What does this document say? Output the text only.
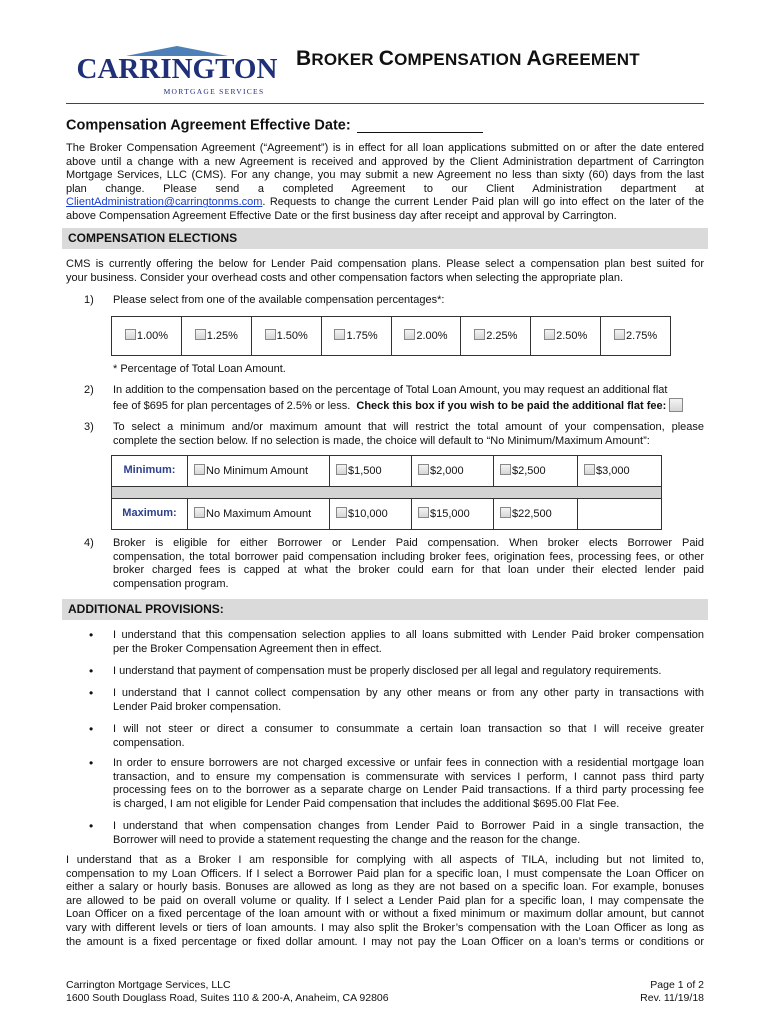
CARRINGTON
MORTGAGE SERVICES
BROKER COMPENSATION AGREEMENT
Compensation Agreement Effective Date:
The Broker Compensation Agreement (“Agreement”) is in effect for all loan applications submitted on or after the date entered
above until a change with a new Agreement is received and approved by the Client Administration department of Carrington
Mortgage Services, LLC (CMS). For any change, you may submit a new Agreement no less than sixty (60) days from the last
plan change. Please send a completed Agreement to our Client Administration department at
ClientAdministration@carringtonms.com. Requests to change the current Lender Paid plan will go into effect on the later of the
above Compensation Agreement Effective Date or the first business day after receipt and approval by Carrington.
COMPENSATION ELECTIONS
CMS is currently offering the below for Lender Paid compensation plans. Please select a compensation plan best suited for
your business. Consider your overhead costs and other compensation factors when selecting the appropriate plan.
1) Please select from one of the available compensation percentages*:
1.00%	1.25%	1.50%	1.75%	2.00%	2.25%	2.50%	2.75%
* Percentage of Total Loan Amount.
2) In addition to the compensation based on the percentage of Total Loan Amount, you may request an additional flat
fee of $695 for plan percentages of 2.5% or less. Check this box if you wish to be paid the additional flat fee:
3) To select a minimum and/or maximum amount that will restrict the total amount of your compensation, please
complete the section below. If no selection is made, the choice will default to “No Minimum/Maximum Amount”:
Minimum:	No Minimum Amount	$1,500	$2,000	$2,500	$3,000

Maximum:	No Maximum Amount	$10,000	$15,000	$22,500	
4) Broker is eligible for either Borrower or Lender Paid compensation. When broker elects Borrower Paid
compensation, the total borrower paid compensation including broker fees, origination fees, processing fees, or other
broker charged fees is capped at what the broker could earn for that loan under their elected lender paid
compensation program.
ADDITIONAL PROVISIONS:
• I understand that this compensation selection applies to all loans submitted with Lender Paid broker compensation
per the Broker Compensation Agreement then in effect.
• I understand that payment of compensation must be properly disclosed per all legal and regulatory requirements.
• I understand that I cannot collect compensation by any other means or from any other party in transactions with
Lender Paid broker compensation.
• I will not steer or direct a consumer to consummate a certain loan transaction so that I will receive greater
compensation.
• In order to ensure borrowers are not charged excessive or unfair fees in connection with a residential mortgage loan
transaction, and to ensure my compensation is commensurate with services I perform, I cannot pass third party
processing fees on to the borrower as a separate charge on Lender Paid transactions. If a third party processing fee
is charged, I am not eligible for Lender Paid compensation that includes the additional $695.00 Flat Fee.
• I understand that when compensation changes from Lender Paid to Borrower Paid in a single transaction, the
Borrower will need to provide a statement requesting the change and the reason for the change.
I understand that as a Broker I am responsible for complying with all aspects of TILA, including but not limited to,
compensation to my Loan Officers. If I select a Borrower Paid plan for a specific loan, I must compensate the Loan Officer on
either a salary or hourly basis. Bonuses are allowed as long as they are not based on a specific loan. For example, bonuses
are allowed to be paid on overall volume or quality. If I select a Lender Paid plan for a specific loan, I may compensate the
Loan Officer on a fixed percentage of the loan amount with or without a fixed minimum or maximum dollar amount, but cannot
vary with different levels or tiers of loan amounts. I may also split the Broker’s compensation with the Loan Officer as long as
the amount is a fixed percentage or fixed dollar amount. I may not pay the Loan Officer on a loan’s terms or conditions or
Carrington Mortgage Services, LLC
1600 South Douglass Road, Suites 110 & 200-A, Anaheim, CA 92806
Page 1 of 2
Rev. 11/19/18
